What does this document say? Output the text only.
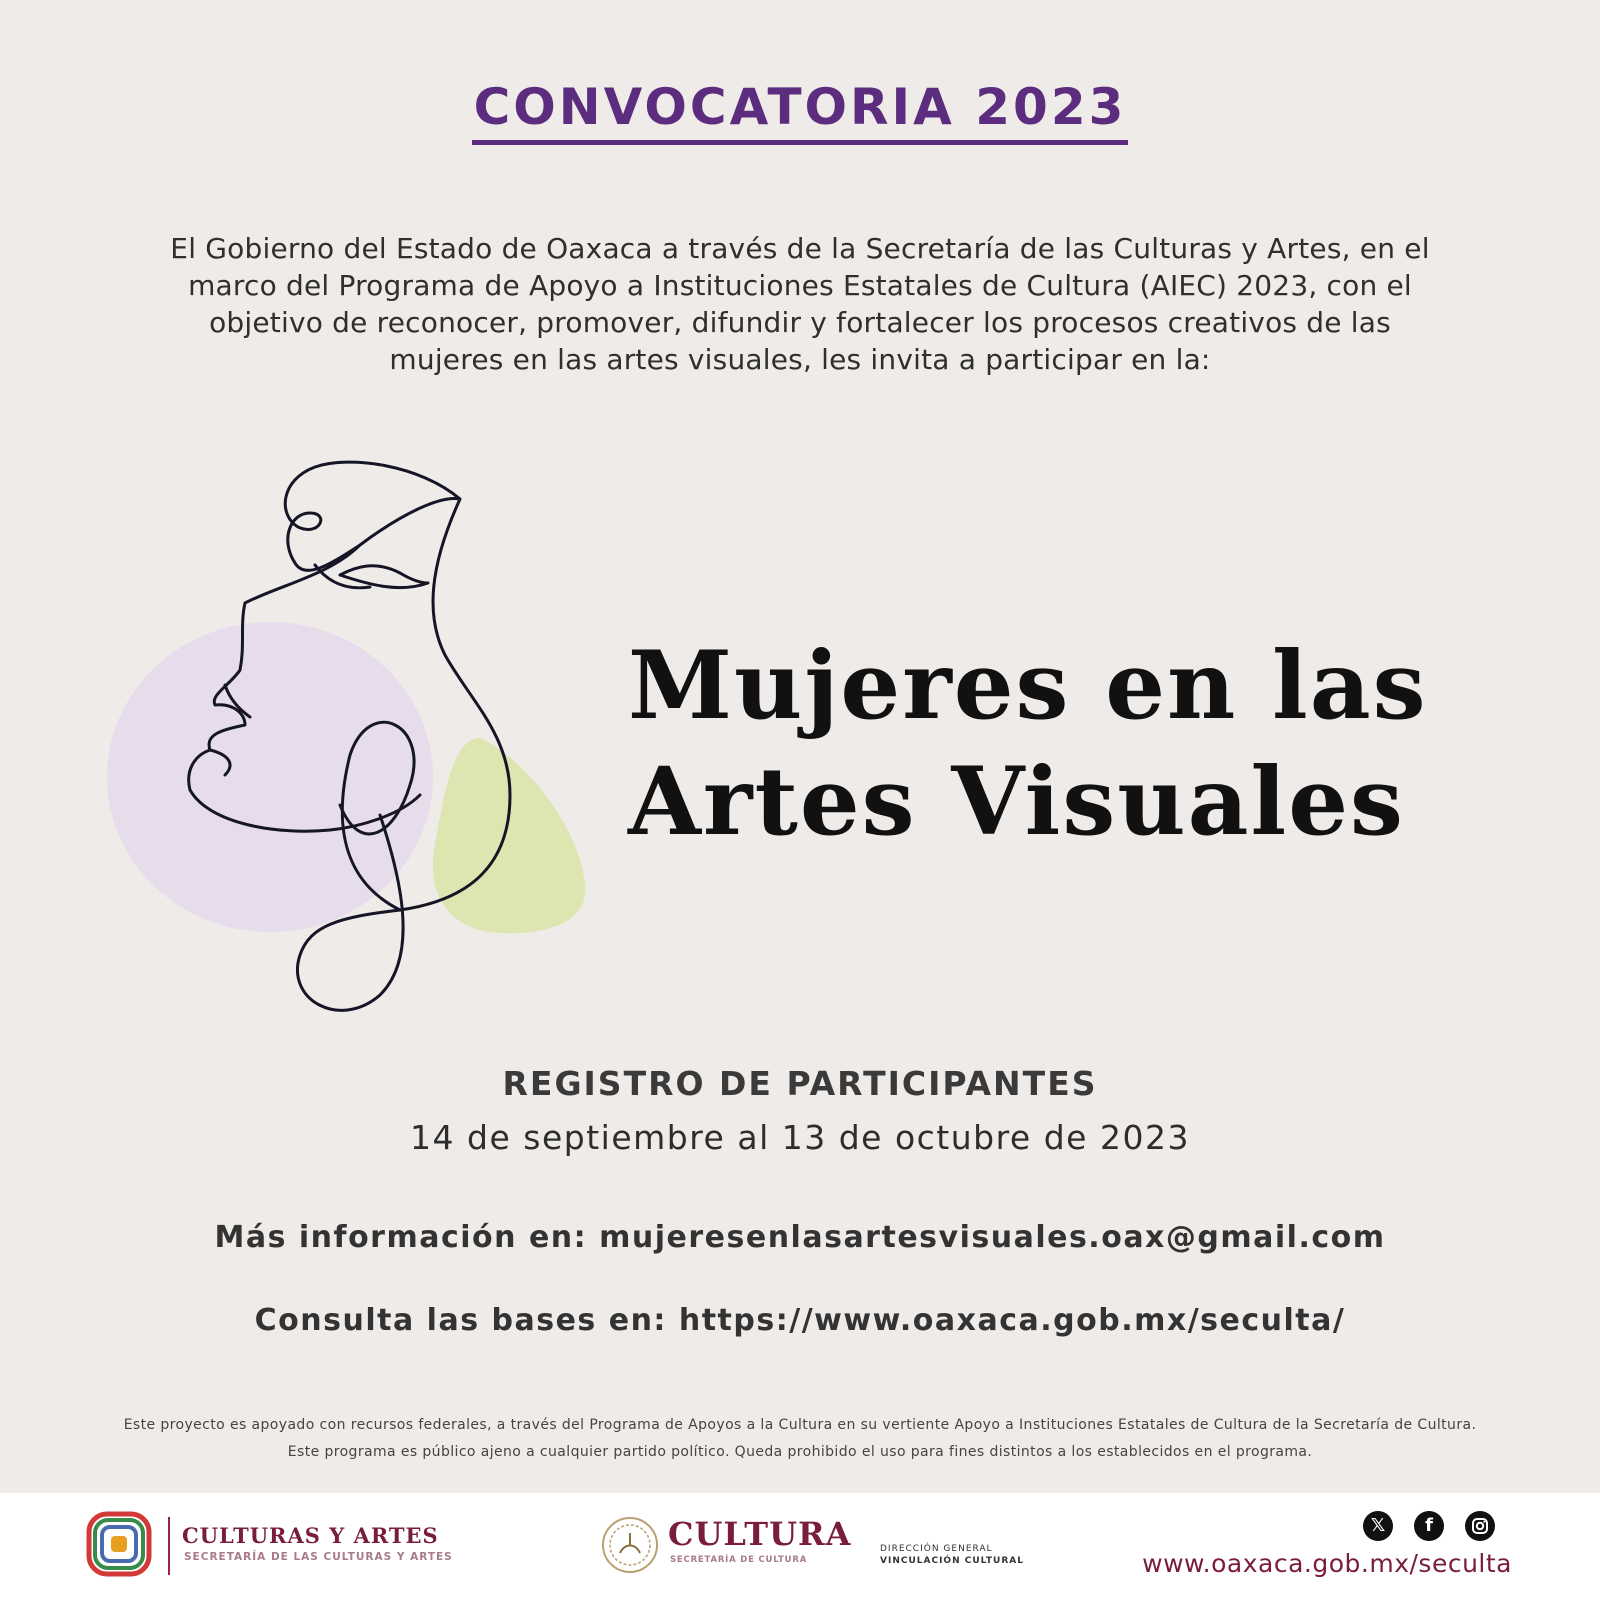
CONVOCATORIA 2023
El Gobierno del Estado de Oaxaca a través de la Secretaría de las Culturas y Artes, en el
marco del Programa de Apoyo a Instituciones Estatales de Cultura (AIEC) 2023, con el
objetivo de reconocer, promover, difundir y fortalecer los procesos creativos de las
mujeres en las artes visuales, les invita a participar en la:
Mujeres en las
Artes Visuales
REGISTRO DE PARTICIPANTES
14 de septiembre al 13 de octubre de 2023
Más información en: mujeresenlasartesvisuales.oax@gmail.com
Consulta las bases en: https://www.oaxaca.gob.mx/seculta/
Este proyecto es apoyado con recursos federales, a través del Programa de Apoyos a la Cultura en su vertiente Apoyo a Instituciones Estatales de Cultura de la Secretaría de Cultura.
Este programa es público ajeno a cualquier partido político. Queda prohibido el uso para fines distintos a los establecidos en el programa.
CULTURAS Y ARTES
SECRETARÍA DE LAS CULTURAS Y ARTES
CULTURA
SECRETARÍA DE CULTURA
DIRECCIÓN GENERAL
VINCULACIÓN CULTURAL
𝕏	f
www.oaxaca.gob.mx/seculta
